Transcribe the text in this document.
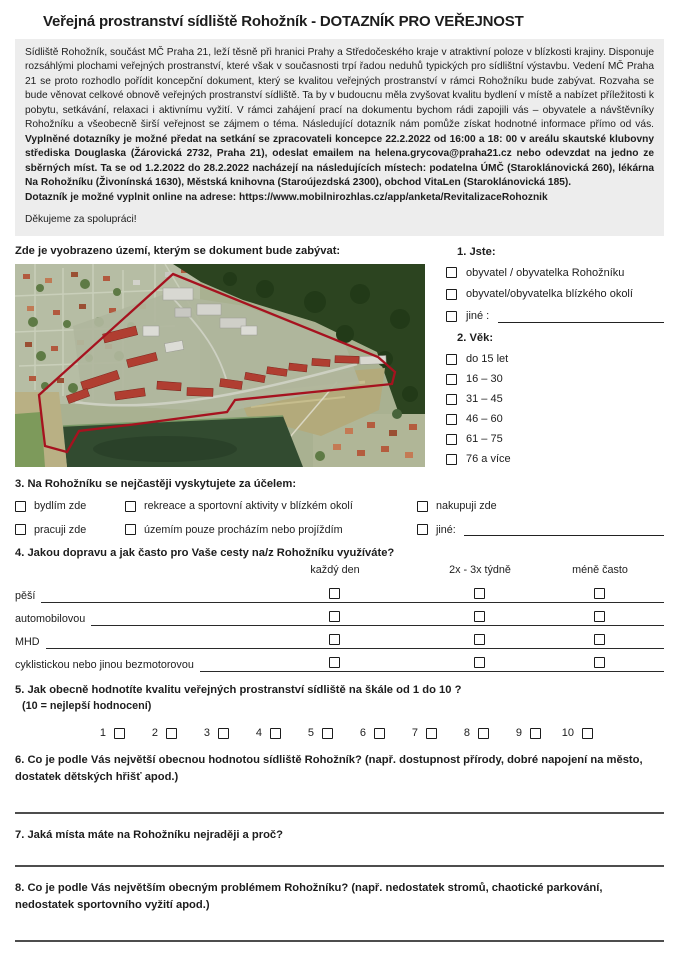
Veřejná prostranství sídliště Rohožník - DOTAZNÍK PRO VEŘEJNOST
Sídliště Rohožník, součást MČ Praha 21, leží těsně při hranici Prahy a Středočeského kraje v atraktivní poloze v blízkosti krajiny. Disponuje rozsáhlými plochami veřejných prostranství, které však v současnosti trpí řadou neduhů typických pro sídlištní výstavbu. Vedení MČ Praha 21 se proto rozhodlo pořídit koncepční dokument, který se kvalitou veřejných prostranství v rámci Rohožníku bude zabývat. Rozvaha se bude věnovat celkové obnově veřejných prostranství sídliště. Ta by v budoucnu měla zvyšovat kvalitu bydlení v místě a nabízet příležitosti k pobytu, setkávání, relaxaci i aktivnímu vyžití. V rámci zahájení prací na dokumentu bychom rádi zapojili vás – obyvatele a návštěvníky Rohožníku a všeobecně širší veřejnost se zájmem o téma. Následující dotazník nám pomůže získat hodnotné informace přímo od vás. Vyplněné dotazníky je možné předat na setkání se zpracovateli koncepce 22.2.2022 od 16:00 a 18: 00 v areálu skautské klubovny střediska Douglaska (Žárovická 2732, Praha 21), odeslat emailem na helena.grycova@praha21.cz nebo odevzdat na jedno ze sběrných míst. Ta se od 1.2.2022 do 28.2.2022 nacházejí na následujících místech: podatelna ÚMČ (Staroklánovická 260), lékárna Na Rohožníku (Živonínská 1630), Městská knihovna (Staroújezdská 2300), obchod VitaLen (Staroklánovická 185).
Dotazník je možné vyplnit online na adrese: https://www.mobilnirozhlas.cz/app/anketa/RevitalizaceRohoznik
Děkujeme za spolupráci!
Zde je vyobrazeno území, kterým se dokument bude zabývat:	1. Jste:
obyvatel / obyvatelka Rohožníku
obyvatel/obyvatelka blízkého okolí
jiné :
2. Věk:
do 15 let
16 – 30
31 – 45
46 – 60
61 – 75
76 a více
3. Na Rohožníku se nejčastěji vyskytujete za účelem:
bydlím zde	rekreace a sportovní aktivity v blízkém okolí	nakupuji zde
pracuji zde	územím pouze procházím nebo projíždím	jiné:
4. Jakou dopravu a jak často pro Vaše cesty na/z Rohožníku využíváte?
každý den	2x - 3x týdně	méně často
pěší
automobilovou
MHD
cyklistickou nebo jinou bezmotorovou
5. Jak obecně hodnotíte kvalitu veřejných prostranství sídliště na škále od 1 do 10 ?
(10 = nejlepší hodnocení)
1	2	3	4	5	6	7	8	9	10
6. Co je podle Vás největší obecnou hodnotou sídliště Rohožník? (např. dostupnost přírody, dobré napojení na město, dostatek dětských hřišť apod.)
7. Jaká místa máte na Rohožníku nejraději a proč?
8. Co je podle Vás největším obecným problémem Rohožníku? (např. nedostatek stromů, chaotické parkování, nedostatek sportovního vyžití apod.)
